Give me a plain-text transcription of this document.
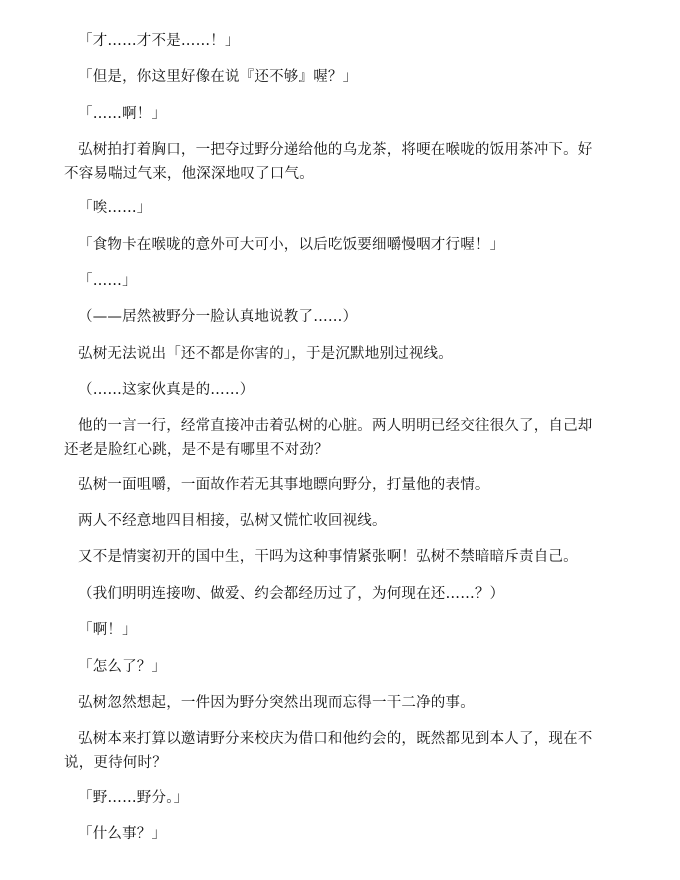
「才……才不是……！」
「但是，你这里好像在说『还不够』喔？」
「……啊！」
弘树拍打着胸口，一把夺过野分递给他的乌龙茶，将哽在喉咙的饭用茶冲下。好
不容易喘过气来，他深深地叹了口气。
「唉……」
「食物卡在喉咙的意外可大可小，以后吃饭要细嚼慢咽才行喔！」
「……」
（——居然被野分一脸认真地说教了……）
弘树无法说出「还不都是你害的」，于是沉默地别过视线。
（……这家伙真是的……）
他的一言一行，经常直接冲击着弘树的心脏。两人明明已经交往很久了，自己却
还老是脸红心跳，是不是有哪里不对劲？
弘树一面咀嚼，一面故作若无其事地瞟向野分，打量他的表情。
两人不经意地四目相接，弘树又慌忙收回视线。
又不是情窦初开的国中生，干吗为这种事情紧张啊！弘树不禁暗暗斥责自己。
（我们明明连接吻、做爱、约会都经历过了，为何现在还……？）
「啊！」
「怎么了？」
弘树忽然想起，一件因为野分突然出现而忘得一干二净的事。
弘树本来打算以邀请野分来校庆为借口和他约会的，既然都见到本人了，现在不
说，更待何时？
「野……野分。」
「什么事？」
